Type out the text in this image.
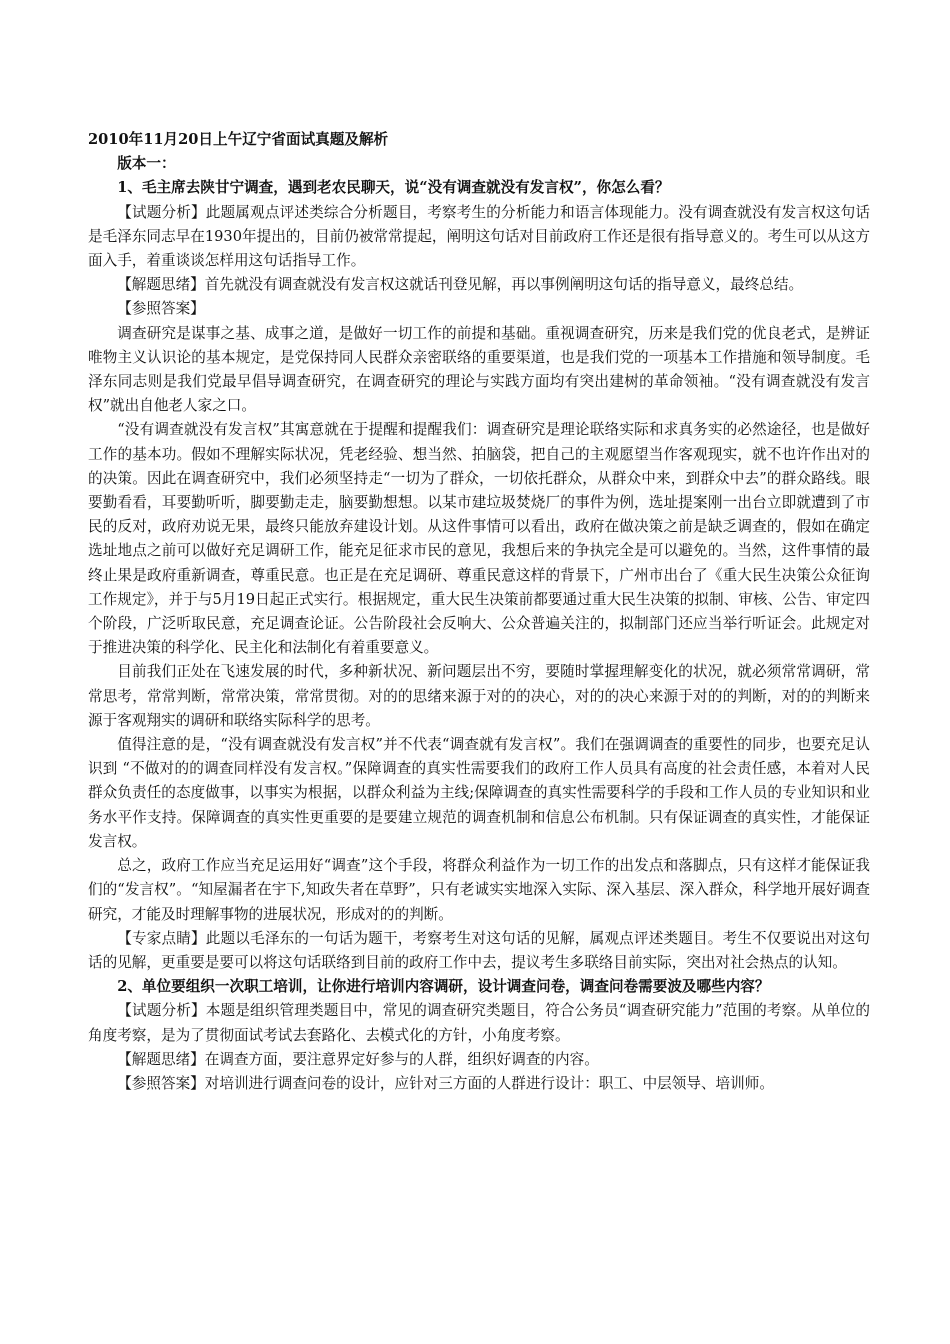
2010年11月20日上午辽宁省面试真题及解析

版本一：

1、毛主席去陕甘宁调查，遇到老农民聊天，说“没有调查就没有发言权”，你怎么看？

【试题分析】此题属观点评述类综合分析题目，考察考生的分析能力和语言体现能力。没有调查就没有发言权这句话是毛泽东同志早在1930年提出的，目前仍被常常提起，阐明这句话对目前政府工作还是很有指导意义的。考生可以从这方面入手，着重谈谈怎样用这句话指导工作。

【解题思绪】首先就没有调查就没有发言权这就话刊登见解，再以事例阐明这句话的指导意义，最终总结。

【参照答案】

调查研究是谋事之基、成事之道，是做好一切工作的前提和基础。重视调查研究，历来是我们党的优良老式，是辨证唯物主义认识论的基本规定，是党保持同人民群众亲密联络的重要渠道，也是我们党的一项基本工作措施和领导制度。毛泽东同志则是我们党最早倡导调查研究，在调查研究的理论与实践方面均有突出建树的革命领袖。“没有调查就没有发言权”就出自他老人家之口。

“没有调查就没有发言权”其寓意就在于提醒和提醒我们：调查研究是理论联络实际和求真务实的必然途径，也是做好工作的基本功。假如不理解实际状况，凭老经验、想当然、拍脑袋，把自己的主观愿望当作客观现实，就不也许作出对的的决策。因此在调查研究中，我们必须坚持走“一切为了群众，一切依托群众，从群众中来，到群众中去”的群众路线。眼要勤看看，耳要勤听听，脚要勤走走，脑要勤想想。以某市建垃圾焚烧厂的事件为例，选址提案刚一出台立即就遭到了市民的反对，政府劝说无果，最终只能放弃建设计划。从这件事情可以看出，政府在做决策之前是缺乏调查的，假如在确定选址地点之前可以做好充足调研工作，能充足征求市民的意见，我想后来的争执完全是可以避免的。当然，这件事情的最终止果是政府重新调查，尊重民意。也正是在充足调研、尊重民意这样的背景下，广州市出台了《重大民生决策公众征询工作规定》，并于与5月19日起正式实行。根据规定，重大民生决策前都要通过重大民生决策的拟制、审核、公告、审定四个阶段，广泛听取民意，充足调查论证。公告阶段社会反响大、公众普遍关注的，拟制部门还应当举行听证会。此规定对于推进决策的科学化、民主化和法制化有着重要意义。

目前我们正处在飞速发展的时代，多种新状况、新问题层出不穷，要随时掌握理解变化的状况，就必须常常调研，常常思考，常常判断，常常决策，常常贯彻。对的的思绪来源于对的的决心，对的的决心来源于对的的判断，对的的判断来源于客观翔实的调研和联络实际科学的思考。

值得注意的是，“没有调查就没有发言权”并不代表“调查就有发言权”。我们在强调调查的重要性的同步，也要充足认识到 “不做对的的调查同样没有发言权。”保障调查的真实性需要我们的政府工作人员具有高度的社会责任感，本着对人民群众负责任的态度做事，以事实为根据，以群众利益为主线;保障调查的真实性需要科学的手段和工作人员的专业知识和业务水平作支持。保障调查的真实性更重要的是要建立规范的调查机制和信息公布机制。只有保证调查的真实性，才能保证发言权。

总之，政府工作应当充足运用好“调查”这个手段，将群众利益作为一切工作的出发点和落脚点，只有这样才能保证我们的“发言权”。“知屋漏者在宇下,知政失者在草野”，只有老诚实实地深入实际、深入基层、深入群众，科学地开展好调查研究，才能及时理解事物的进展状况，形成对的的判断。

【专家点睛】此题以毛泽东的一句话为题干，考察考生对这句话的见解，属观点评述类题目。考生不仅要说出对这句话的见解，更重要是要可以将这句话联络到目前的政府工作中去，提议考生多联络目前实际，突出对社会热点的认知。

2、单位要组织一次职工培训，让你进行培训内容调研，设计调查问卷，调查问卷需要波及哪些内容？

【试题分析】本题是组织管理类题目中，常见的调查研究类题目，符合公务员“调查研究能力”范围的考察。从单位的角度考察，是为了贯彻面试考试去套路化、去模式化的方针，小角度考察。

【解题思绪】在调查方面，要注意界定好参与的人群，组织好调查的内容。

【参照答案】对培训进行调查问卷的设计，应针对三方面的人群进行设计：职工、中层领导、培训师。
